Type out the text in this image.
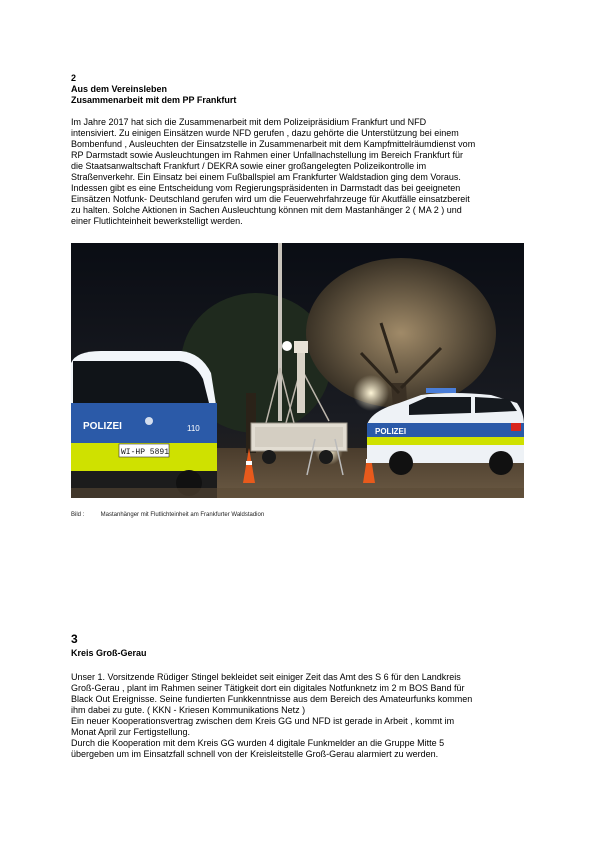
2
Aus dem Vereinsleben
Zusammenarbeit mit dem PP Frankfurt
Im Jahre 2017 hat sich die Zusammenarbeit mit dem Polizeipräsidium Frankfurt und NFD
intensiviert. Zu einigen Einsätzen wurde NFD gerufen , dazu gehörte die Unterstützung bei einem
Bombenfund , Ausleuchten der Einsatzstelle in Zusammenarbeit mit dem Kampfmittelräumdienst vom
RP Darmstadt sowie Ausleuchtungen im Rahmen einer Unfallnachstellung im Bereich Frankfurt für
die Staatsanwaltschaft Frankfurt / DEKRA sowie einer großangelegten Polizeikontrolle im
Straßenverkehr. Ein Einsatz bei einem Fußballspiel am Frankfurter Waldstadion ging dem Voraus.
Indessen gibt es eine Entscheidung vom Regierungspräsidenten in Darmstadt das bei geeigneten
Einsätzen Notfunk- Deutschland gerufen wird um die Feuerwehrfahrzeuge für Akutfälle einsatzbereit
zu halten. Solche Aktionen in Sachen Ausleuchtung können mit dem Mastanhänger 2 ( MA 2 ) und
einer Flutlichteinheit bewerkstelligt werden.
POLIZEI	110
WI-HP 5891
POLIZEI
Bild :	Mastanhänger mit Flutlichteinheit am Frankfurter Waldstadion
3
Kreis Groß-Gerau
Unser 1. Vorsitzende Rüdiger Stingel bekleidet seit einiger Zeit das Amt des S 6 für den Landkreis
Groß-Gerau , plant im Rahmen seiner Tätigkeit dort ein digitales Notfunknetz im 2 m BOS Band für
Black Out Ereignisse. Seine fundierten Funkkenntnisse aus dem Bereich des Amateurfunks kommen
ihm dabei zu gute. ( KKN - Kriesen Kommunikations Netz )
Ein neuer Kooperationsvertrag zwischen dem Kreis GG und NFD ist gerade in Arbeit , kommt im
Monat April zur Fertigstellung.
Durch die Kooperation mit dem Kreis GG wurden 4 digitale Funkmelder an die Gruppe Mitte 5
übergeben um im Einsatzfall schnell von der Kreisleitstelle Groß-Gerau alarmiert zu werden.
